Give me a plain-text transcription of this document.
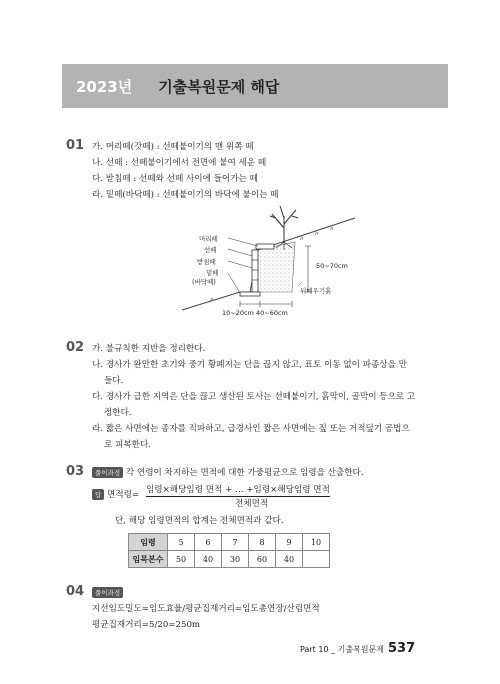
2023년 기출복원문제 해답
01 가. 머리떼(갓떼) : 선떼붙이기의 맨 위쪽 떼
나. 선떼 : 선떼붙이기에서 전면에 붙여 세운 떼
다. 받침떼 : 선떼와 선떼 사이에 들어가는 떼
라. 밑떼(바닥떼) : 선떼붙이기의 바닥에 붙이는 떼
머리떼
선떼
받침떼
밑떼
(바닥떼)
50~70cm
뒤메우기흙
10~20cm 40~60cm
02 가. 불규칙한 지반을 정리한다.
나. 경사가 완만한 초기와 중기 황폐지는 단을 끊지 않고, 표토 이동 없이 파종상을 만
들다.
다. 경사가 급한 지역은 단을 끊고 생산된 토사는 선떼붙이기, 흙막이, 골막이 등으로 고
정한다.
라. 짧은 사면에는 종자를 직파하고, 급경사인 짧은 사면에는 짚 또는 거적덮기 공법으
로 피복한다.
03	풀이과정 각 연령이 차지하는 면적에 대한 가중평균으로 임령을 산출한다.
답 면적령= 임령×해당임령 면적 + … +임령×해당임령 면적
전체면적
단, 해당 임령면적의 합계는 전체면적과 같다.
임령	5	6	7	8	9	10
임목본수	50	40	30	60	40	
04	풀이과정
지선임도밀도=임도효율/평균집재거리=임도총연장/산림면적
평균집재거리=5/20=250m
Part 10 _ 기출복원문제 537
